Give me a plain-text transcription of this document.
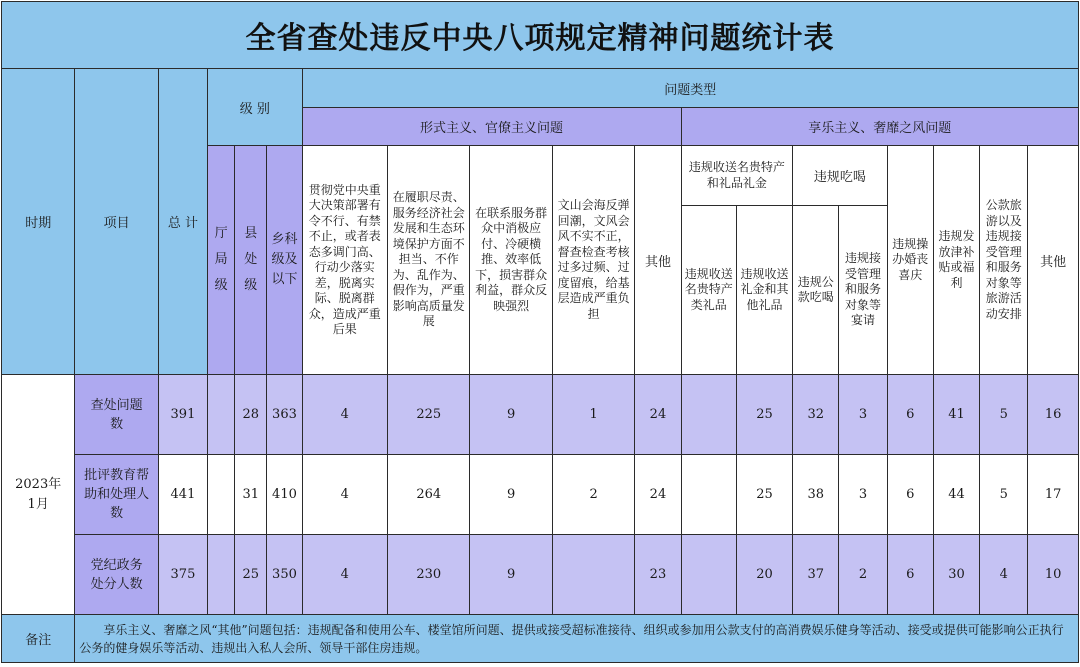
全省查处违反中央八项规定精神问题统计表																		
时期	项目	总 计	级 别			问题类型												
						形式主义、官僚主义问题					享乐主义、奢靡之风问题							

			厅局级	县处级	乡科级及以下	贯彻党中央重大决策部署有令不行、有禁不止，或者表态多调门高、行动少落实差，脱离实际、脱离群众，造成严重后果	在履职尽责、服务经济社会发展和生态环境保护方面不担当、不作为、乱作为、假作为，严重影响高质量发展	在联系服务群众中消极应付、冷硬横推、效率低下，损害群众利益，群众反映强烈	文山会海反弹回潮，文风会风不实不正，督查检查考核过多过频、过度留痕，给基层造成严重负担	其他	违规收送名贵特产和礼品礼金		违规吃喝		违规操办婚丧喜庆	违规发放津补贴或福利	公款旅游以及违规接受管理和服务对象等旅游活动安排	其他
											违规收送名贵特产类礼品	违规收送礼金和其他礼品	违规公款吃喝	违规接受管理和服务对象等宴请				

2023年1月	查处问题数	391		28	363	4	225	9	1	24		25	32	3	6	41	5	16

	批评教育帮助和处理人数	441		31	410	4	264	9	2	24		25	38	3	6	44	5	17

	党纪政务处分人数	375		25	350	4	230	9		23		20	37	2	6	30	4	10
备注	享乐主义、奢靡之风“其他”问题包括：违规配备和使用公车、楼堂馆所问题、提供或接受超标准接待、组织或参加用公款支付的高消费娱乐健身等活动、接受或提供可能影响公正执行公务的健身娱乐等活动、违规出入私人会所、领导干部住房违规。																	
